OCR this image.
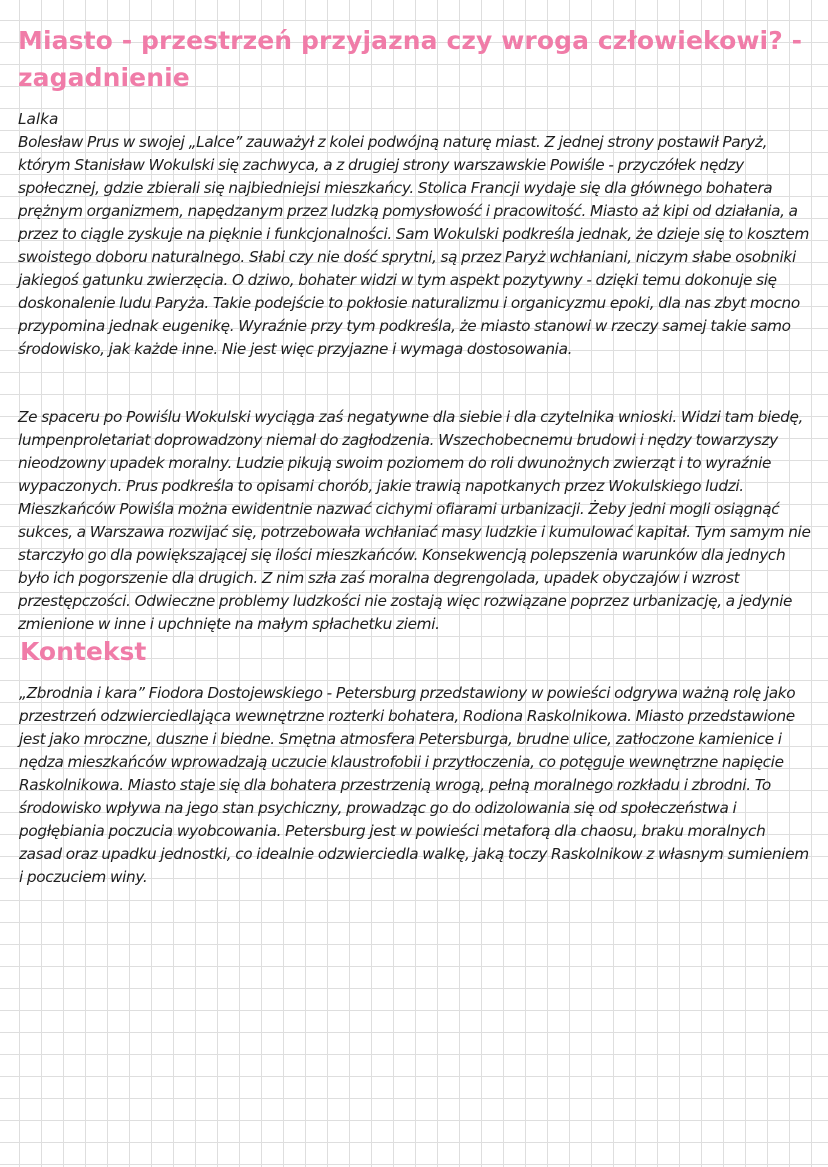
Miasto - przestrzeń przyjazna czy wroga człowiekowi? - zagadnienie

Lalka

Bolesław Prus w swojej „Lalce” zauważył z kolei podwójną naturę miast. Z jednej strony postawił Paryż, którym Stanisław Wokulski się zachwyca, a z drugiej strony warszawskie Powiśle - przyczółek nędzy społecznej, gdzie zbierali się najbiedniejsi mieszkańcy. Stolica Francji wydaje się dla głównego bohatera prężnym organizmem, napędzanym przez ludzką pomysłowość i pracowitość. Miasto aż kipi od działania, a przez to ciągle zyskuje na pięknie i funkcjonalności. Sam Wokulski podkreśla jednak, że dzieje się to kosztem swoistego doboru naturalnego. Słabi czy nie dość sprytni, są przez Paryż wchłaniani, niczym słabe osobniki jakiegoś gatunku zwierzęcia. O dziwo, bohater widzi w tym aspekt pozytywny - dzięki temu dokonuje się doskonalenie ludu Paryża. Takie podejście to pokłosie naturalizmu i organicyzmu epoki, dla nas zbyt mocno przypomina jednak eugenikę. Wyraźnie przy tym podkreśla, że miasto stanowi w rzeczy samej takie samo środowisko, jak każde inne. Nie jest więc przyjazne i wymaga dostosowania.

Ze spaceru po Powiślu Wokulski wyciąga zaś negatywne dla siebie i dla czytelnika wnioski. Widzi tam biedę, lumpenproletariat doprowadzony niemal do zagłodzenia. Wszechobecnemu brudowi i nędzy towarzyszy nieodzowny upadek moralny. Ludzie pikują swoim poziomem do roli dwunożnych zwierząt i to wyraźnie wypaczonych. Prus podkreśla to opisami chorób, jakie trawią napotkanych przez Wokulskiego ludzi. Mieszkańców Powiśla można ewidentnie nazwać cichymi ofiarami urbanizacji. Żeby jedni mogli osiągnąć sukces, a Warszawa rozwijać się, potrzebowała wchłaniać masy ludzkie i kumulować kapitał. Tym samym nie starczyło go dla powiększającej się ilości mieszkańców. Konsekwencją polepszenia warunków dla jednych było ich pogorszenie dla drugich. Z nim szła zaś moralna degrengolada, upadek obyczajów i wzrost przestępczości. Odwieczne problemy ludzkości nie zostają więc rozwiązane poprzez urbanizację, a jedynie zmienione w inne i upchnięte na małym spłachetku ziemi.

Kontekst

„Zbrodnia i kara” Fiodora Dostojewskiego - Petersburg przedstawiony w powieści odgrywa ważną rolę jako przestrzeń odzwierciedlająca wewnętrzne rozterki bohatera, Rodiona Raskolnikowa. Miasto przedstawione jest jako mroczne, duszne i biedne. Smętna atmosfera Petersburga, brudne ulice, zatłoczone kamienice i nędza mieszkańców wprowadzają uczucie klaustrofobii i przytłoczenia, co potęguje wewnętrzne napięcie Raskolnikowa. Miasto staje się dla bohatera przestrzenią wrogą, pełną moralnego rozkładu i zbrodni. To środowisko wpływa na jego stan psychiczny, prowadząc go do odizolowania się od społeczeństwa i pogłębiania poczucia wyobcowania. Petersburg jest w powieści metaforą dla chaosu, braku moralnych zasad oraz upadku jednostki, co idealnie odzwierciedla walkę, jaką toczy Raskolnikow z własnym sumieniem i poczuciem winy.
